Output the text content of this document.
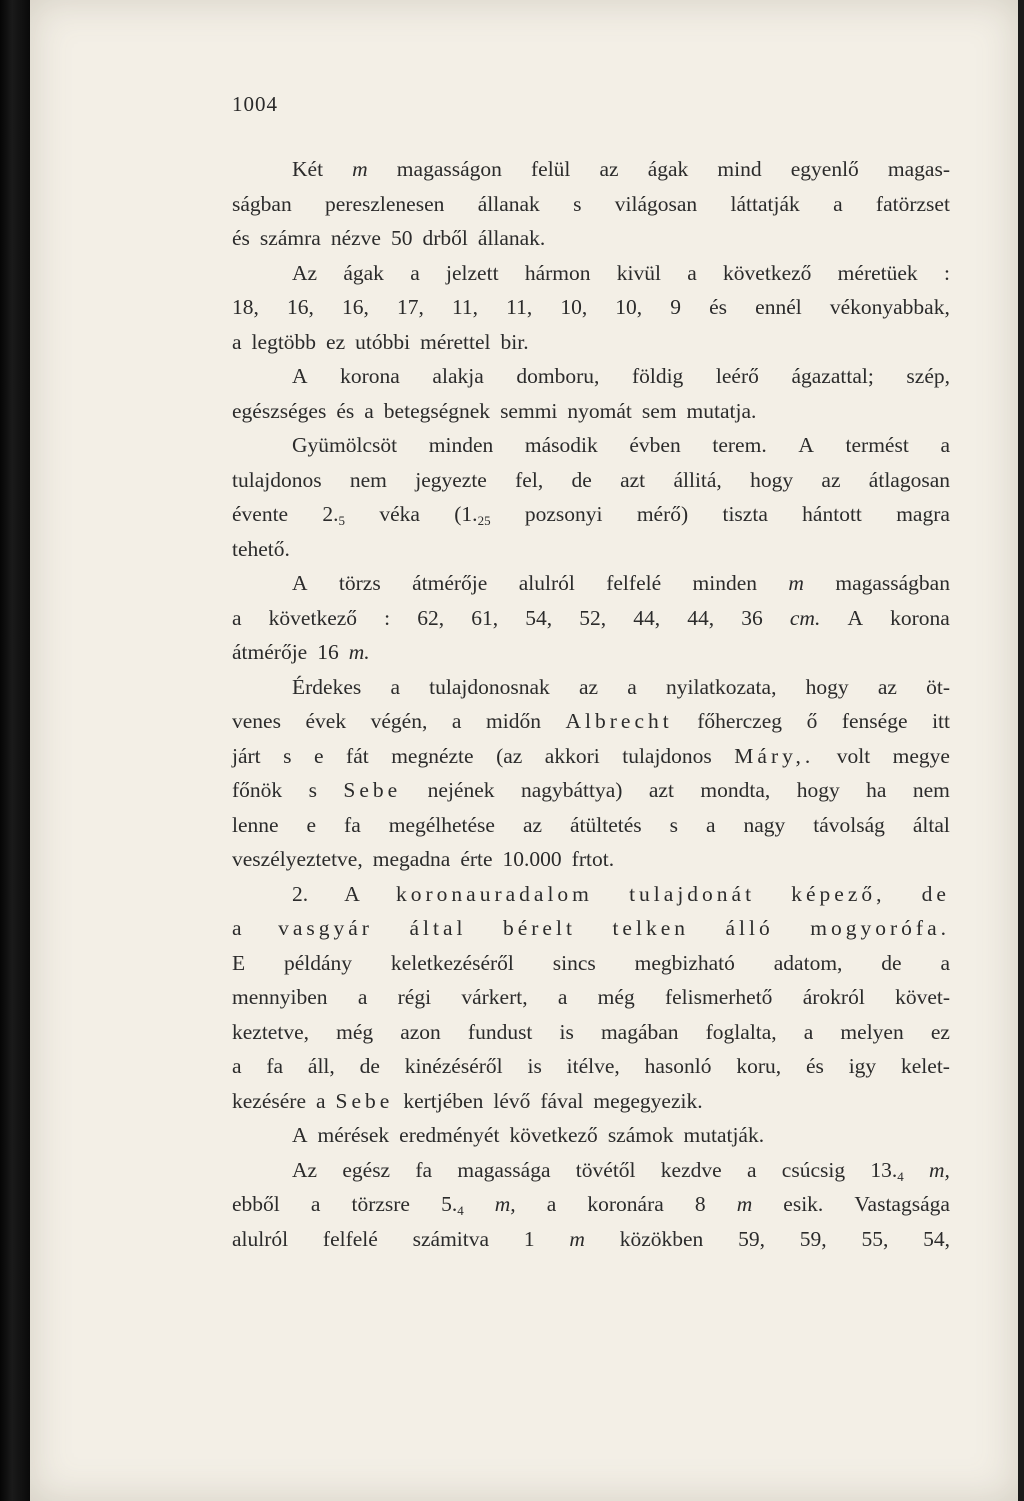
1004
Két m magasságon felül az ágak mind egyenlő magas-
ságban pereszlenesen állanak s világosan láttatják a fatörzset
és számra nézve 50 drből állanak.
Az ágak a jelzett hármon kivül a következő méretüek :
18, 16, 16, 17, 11, 11, 10, 10, 9 és ennél vékonyabbak,
a legtöbb ez utóbbi mérettel bir.
A korona alakja domboru, földig leérő ágazattal; szép,
egészséges és a betegségnek semmi nyomát sem mutatja.
Gyümölcsöt minden második évben terem. A termést a
tulajdonos nem jegyezte fel, de azt állitá, hogy az átlagosan
évente $2._5$ véka ($1._{25}$ pozsonyi mérő) tiszta hántott magra
tehető.
A törzs átmérője alulról felfelé minden m magasságban
a következő : 62, 61, 54, 52, 44, 44, 36 cm. A korona
átmérője 16 m.
Érdekes a tulajdonosnak az a nyilatkozata, hogy az öt-
venes évek végén, a midőn Albrecht főherczeg ő fensége itt
járt s e fát megnézte (az akkori tulajdonos Máry,. volt megye
főnök s Sebe nejének nagybáttya) azt mondta, hogy ha nem
lenne e fa megélhetése az átültetés s a nagy távolság által
veszélyeztetve, megadna érte 10.000 frtot.
2. A koronauradalom tulajdonát képező, de
a vasgyár által bérelt telken álló mogyorófa.
E példány keletkezéséről sincs megbizható adatom, de a
mennyiben a régi várkert, a még felismerhető árokról követ-
keztetve, még azon fundust is magában foglalta, a melyen ez
a fa áll, de kinézéséről is itélve, hasonló koru, és igy kelet-
kezésére a Sebe kertjében lévő fával megegyezik.
A mérések eredményét következő számok mutatják.
Az egész fa magassága tövétől kezdve a csúcsig $13._4$ m,
ebből a törzsre $5._4$ m, a koronára 8 m esik. Vastagsága
alulról felfelé számitva 1 m közökben 59, 59, 55, 54,
